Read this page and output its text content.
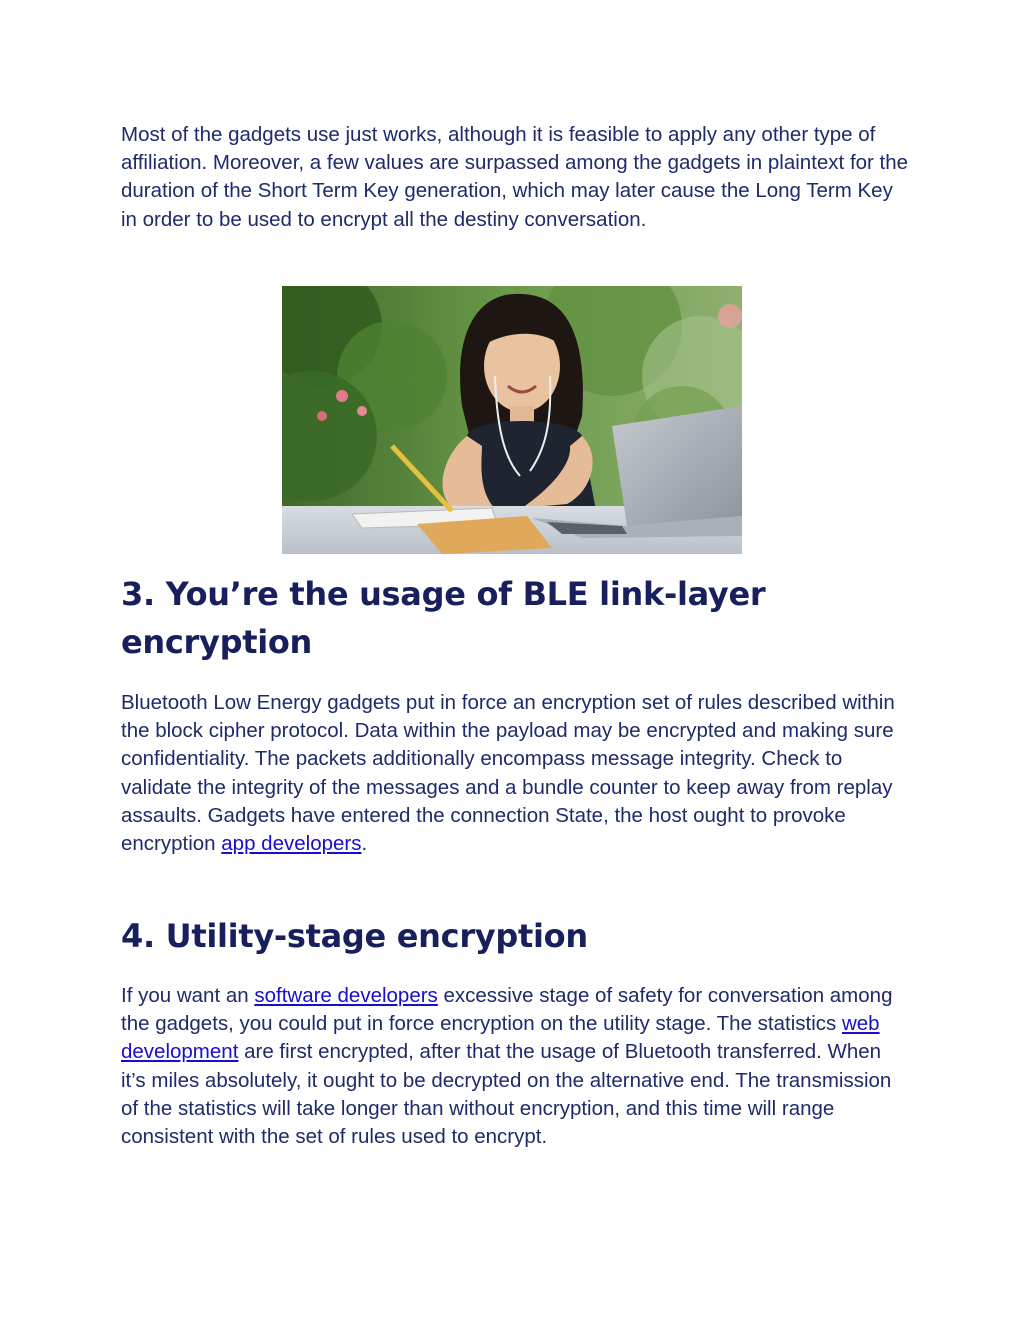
Most of the gadgets use just works, although it is feasible to apply any other type of affiliation. Moreover, a few values are surpassed among the gadgets in plaintext for the duration of the Short Term Key generation, which may later cause the Long Term Key in order to be used to encrypt all the destiny conversation.

3. You’re the usage of BLE link-layer encryption

Bluetooth Low Energy gadgets put in force an encryption set of rules described within the block cipher protocol. Data within the payload may be encrypted and making sure confidentiality. The packets additionally encompass message integrity. Check to validate the integrity of the messages and a bundle counter to keep away from replay assaults. Gadgets have entered the connection State, the host ought to provoke encryption app developers.

4. Utility-stage encryption

If you want an software developers excessive stage of safety for conversation among the gadgets, you could put in force encryption on the utility stage. The statistics web development are first encrypted, after that the usage of Bluetooth transferred. When it’s miles absolutely, it ought to be decrypted on the alternative end. The transmission of the statistics will take longer than without encryption, and this time will range consistent with the set of rules used to encrypt.
